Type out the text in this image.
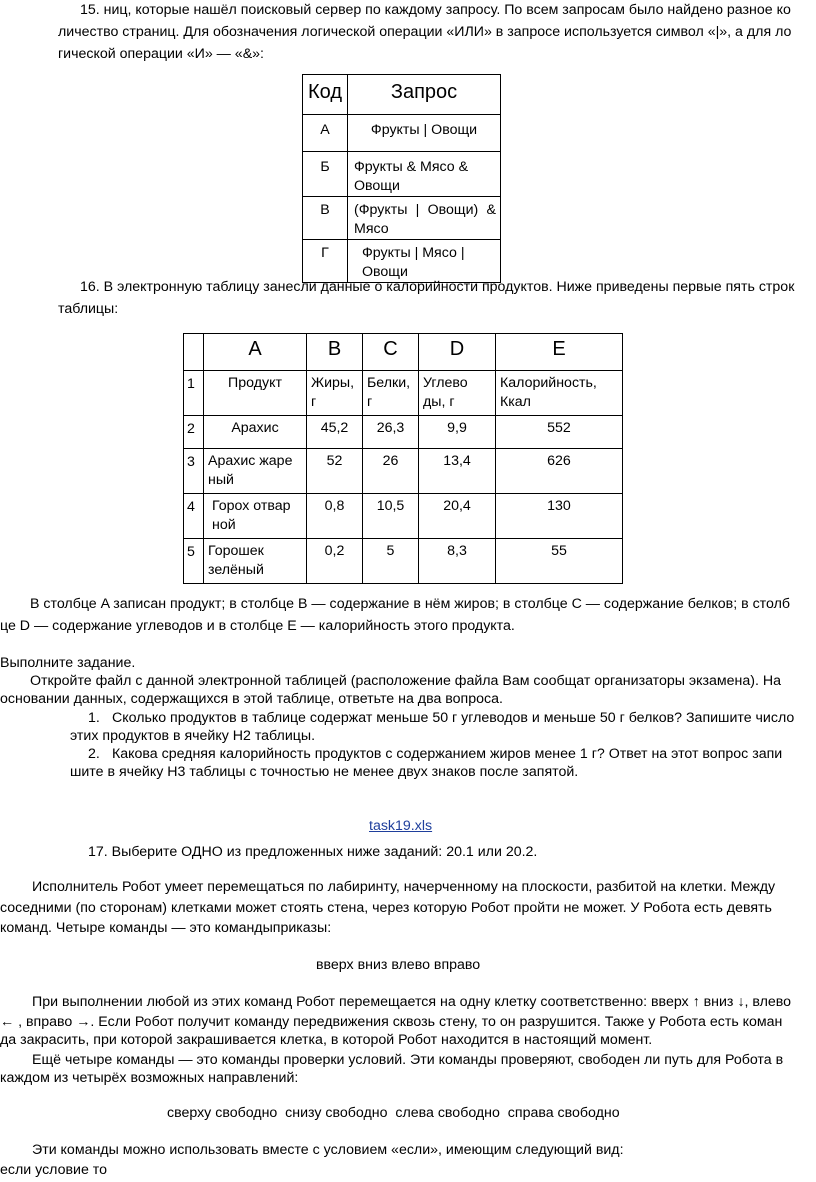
15. ниц, которые нашёл поисковый сервер по каждому запросу. По всем запросам было найдено разное ко
личество страниц. Для обозначения логической операции «ИЛИ» в запросе используется символ «|», а для ло
гической операции «И» — «&»:
Код	Запрос

А	Фрукты | Овощи

Б	Фрукты & Мясо & Овощи

В	(Фрукты | Овощи) & Мясо

Г	Фрукты | Мясо | Овощи
16. В электронную таблицу занесли данные о калорийности продуктов. Ниже приведены первые пять строк
таблицы:

	A	B	C	D	E

1	Продукт	Жиры, г	Белки, г	Углево ды, г	Калорийность, Ккал

2	Арахис	45,2	26,3	9,9	552

3	Арахис жаре ный	52	26	13,4	626

4	Горох отвар ной	0,8	10,5	20,4	130

5	Горошек зелёный	0,2	5	8,3	55
В столбце A записан продукт; в столбце B — содержание в нём жиров; в столбце C — содержание белков; в столб
це D — содержание углеводов и в столбце E — калорийность этого продукта.
Выполните задание.
Откройте файл с данной электронной таблицей (расположение файла Вам сообщат организаторы экзамена). На
основании данных, содержащихся в этой таблице, ответьте на два вопроса.
1. Сколько продуктов в таблице содержат меньше 50 г углеводов и меньше 50 г белков? Запишите число
этих продуктов в ячейку H2 таблицы.
2. Какова средняя калорийность продуктов с содержанием жиров менее 1 г? Ответ на этот вопрос запи
шите в ячейку H3 таблицы с точностью не менее двух знаков после запятой.
task19.xls
17. Выберите ОДНО из предложенных ниже заданий: 20.1 или 20.2.
Исполнитель Робот умеет перемещаться по лабиринту, начерченному на плоскости, разбитой на клетки. Между
соседними (по сторонам) клетками может стоять стена, через которую Робот пройти не может. У Робота есть девять
команд. Четыре команды — это командыприказы:
вверх вниз влево вправо
При выполнении любой из этих команд Робот перемещается на одну клетку соответственно: вверх ↑ вниз ↓, влево
← , вправо →. Если Робот получит команду передвижения сквозь стену, то он разрушится. Также у Робота есть коман
да закрасить, при которой закрашивается клетка, в которой Робот находится в настоящий момент.
Ещё четыре команды — это команды проверки условий. Эти команды проверяют, свободен ли путь для Робота в
каждом из четырёх возможных направлений:
сверху свободно  снизу свободно  слева свободно  справа свободно
Эти команды можно использовать вместе с условием «если», имеющим следующий вид:
если условие то
